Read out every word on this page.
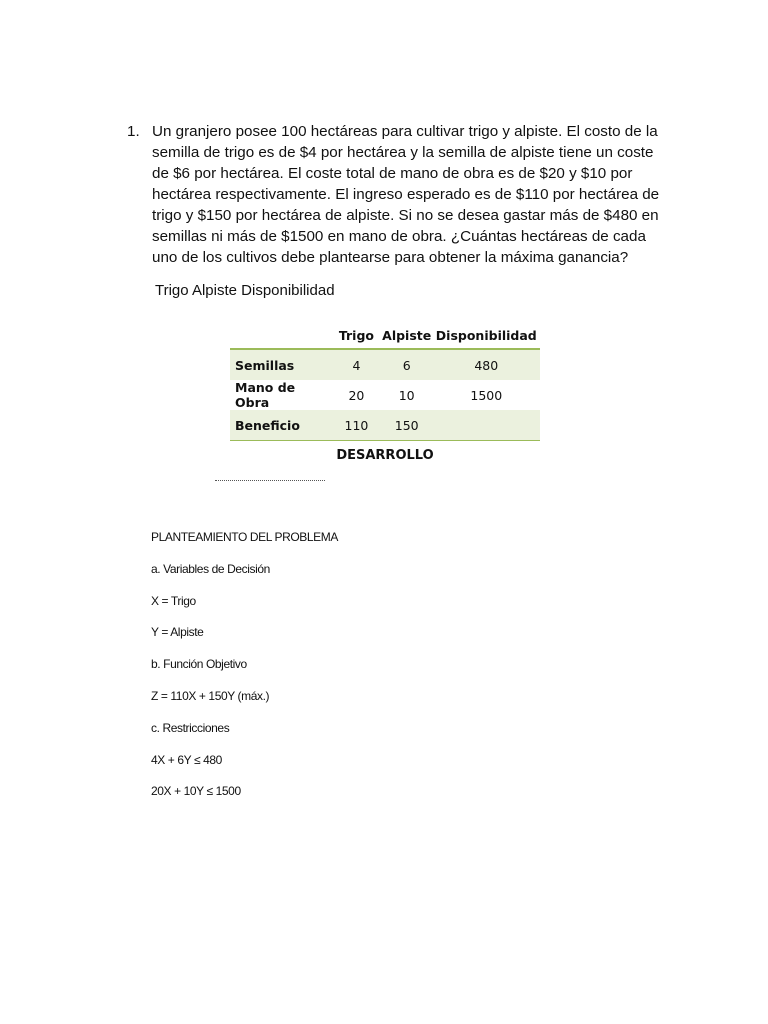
1. Un granjero posee 100 hectáreas para cultivar trigo y alpiste. El costo de la
semilla de trigo es de $4 por hectárea y la semilla de alpiste tiene un coste
de $6 por hectárea. El coste total de mano de obra es de $20 y $10 por
hectárea respectivamente. El ingreso esperado es de $110 por hectárea de
trigo y $150 por hectárea de alpiste. Si no se desea gastar más de $480 en
semillas ni más de $1500 en mano de obra. ¿Cuántas hectáreas de cada
uno de los cultivos debe plantearse para obtener la máxima ganancia?
Trigo Alpiste Disponibilidad
	Trigo	Alpiste	Disponibilidad
Semillas	4	6	480
Mano de Obra	20	10	1500
Beneficio	110	150	
DESARROLLO
PLANTEAMIENTO DEL PROBLEMA
a. Variables de Decisión
X = Trigo
Y = Alpiste
b. Función Objetivo
Z = 110X + 150Y (máx.)
c. Restricciones
4X + 6Y ≤ 480
20X + 10Y ≤ 1500
